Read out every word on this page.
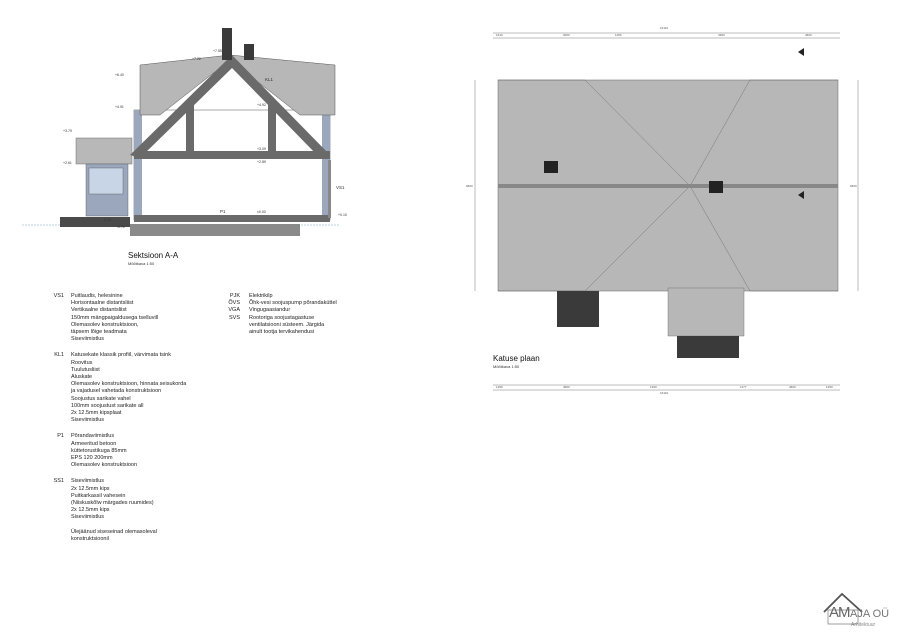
+7.22
+7.55
+6.40
+4.91
+3.79
+2.61
+0.10
-0.72
+4.92
+3.09
+2.89
±0.00
-0.10
KL1
VS1
P1
Sektsioon A-A
Mõõtkava 1:50
16110
1610	3000	1150	4300	4600
9600	9400
1250	4600	1300	1177	4600	1250
16110
Katuse plaan
Mõõtkava 1:50
VS1 Puitlaudis, helesinine
Horisontaalne distantsliist
Vertikaalne distantsliist
150mm mängpaigaldusega tselluvill
Olemasolev konstruktsioon,
täpsem lõige teadmata
Siseviimistlus
KL1 Katusekate klassik profiil, värvimata tsink
Roovitus
Tuulutusliist
Aluskate
Olemasolev konstruktsioon, hinnata seisukorda
ja vajadusel vahetada konstruktsioon
Soojustus sarikate vahel
100mm soojustust sarikate all
2x 12.5mm kipsplaat
Siseviimistlus
P1 Põrandaviimistlus
Armeeritud betoon
küttetorustikuga 85mm
EPS 120 200mm
Olemasolev konstruktsioon
SS1 Siseviimistlus
2x 12.5mm kips
Puitkarkassil vahesein
(Niiskuskõlw märgades ruumides)
2x 12.5mm kips
Siseviimistlus
Ülejäänud siseseinad olemasoleval
konstruktsioonil
PJK Elektrikilp
ÕVS Õhk-vesi soojuspump põrandaküttel
VGA Vingugaasiandur
SVS Rootoriga soojustagastuse
ventilatsiooni süsteem. Järgida
ainult tootja tervikahendusi
AM AJA OÜ
Arhitektuur
